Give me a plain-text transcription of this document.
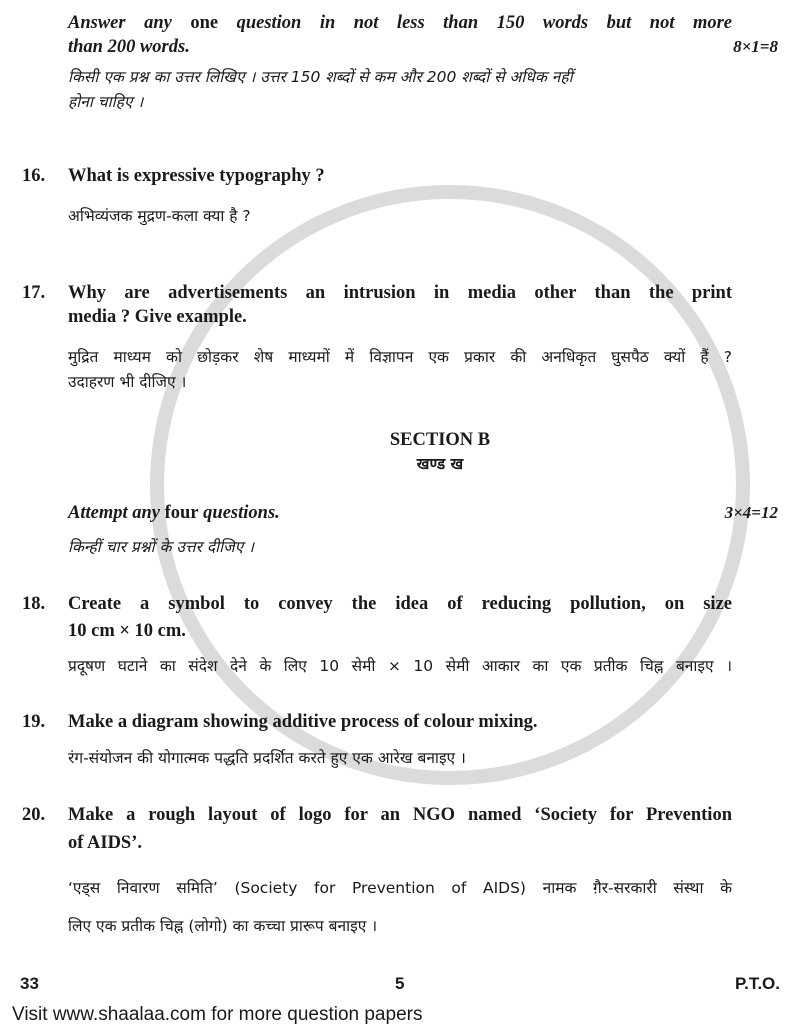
Answer any one question in not less than 150 words but not more
than 200 words.	8×1=8
किसी एक प्रश्न का उत्तर लिखिए । उत्तर 150 शब्दों से कम और 200 शब्दों से अधिक नहीं
होना चाहिए ।
16. What is expressive typography ?
अभिव्यंजक मुद्रण-कला क्या है ?
17. Why are advertisements an intrusion in media other than the print
media ? Give example.
मुद्रित माध्यम को छोड़कर शेष माध्यमों में विज्ञापन एक प्रकार की अनधिकृत घुसपैठ क्यों हैं ?
उदाहरण भी दीजिए ।
SECTION B
खण्ड ख
Attempt any four questions.	3×4=12
किन्हीं चार प्रश्नों के उत्तर दीजिए ।
18. Create a symbol to convey the idea of reducing pollution, on size
10 cm × 10 cm.
प्रदूषण घटाने का संदेश देने के लिए 10 सेमी × 10 सेमी आकार का एक प्रतीक चिह्न बनाइए ।
19. Make a diagram showing additive process of colour mixing.
रंग-संयोजन की योगात्मक पद्धति प्रदर्शित करते हुए एक आरेख बनाइए ।
20. Make a rough layout of logo for an NGO named ‘Society for Prevention
of AIDS’.
‘एड्स निवारण समिति’ (Society for Prevention of AIDS) नामक ग़ैर-सरकारी संस्था के
लिए एक प्रतीक चिह्न (लोगो) का कच्चा प्रारूप बनाइए ।
33	5	P.T.O.
Visit www.shaalaa.com for more question papers
